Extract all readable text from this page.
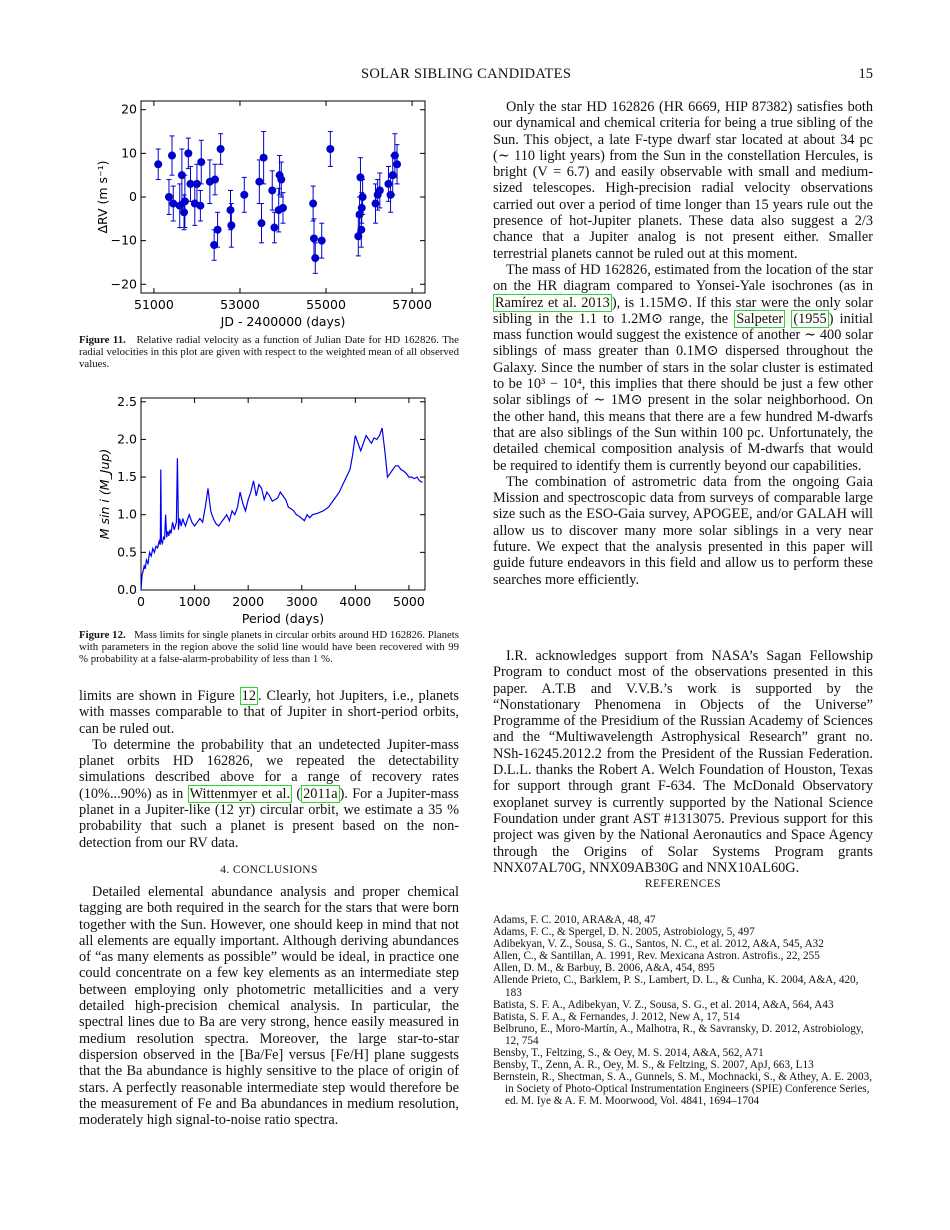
SOLAR SIBLING CANDIDATES	15
51000	53000	55000	57000
−20
−10
0
10
20
JD - 2400000 (days)
ΔRV (m s⁻¹)
Figure 11. Relative radial velocity as a function of Julian Date for HD 162826. The radial velocities in this plot are given with respect to the weighted mean of all observed values.
0	1000 2000 3000 4000 5000
0.0
0.5
1.0
1.5
2.0
2.5
Period (days)
M sin i (M_Jup)
Figure 12. Mass limits for single planets in circular orbits around HD 162826. Planets with parameters in the region above the solid line would have been recovered with 99 % probability at a false-alarm-probability of less than 1 %.

limits are shown in Figure 12 . Clearly, hot Jupiters, i.e., planets with masses comparable to that of Jupiter in short-period orbits, can be ruled out.

To determine the probability that an undetected Jupiter-mass planet orbits HD 162826, we repeated the detectability simulations described above for a range of recovery rates (10%...90%) as in Wittenmyer et al. ( 2011a ). For a Jupiter-mass planet in a Jupiter-like (12 yr) circular orbit, we estimate a 35 % probability that such a planet is present based on the non-detection from our RV data.

4. CONCLUSIONS

Detailed elemental abundance analysis and proper chemical tagging are both required in the search for the stars that were born together with the Sun. However, one should keep in mind that not all elements are equally important. Although deriving abundances of “as many elements as possible” would be ideal, in practice one could concentrate on a few key elements as an intermediate step between employing only photometric metallicities and a very detailed high-precision chemical analysis. In particular, the spectral lines due to Ba are very strong, hence easily measured in medium resolution spectra. Moreover, the large star-to-star dispersion observed in the [Ba/Fe] versus [Fe/H] plane suggests that the Ba abundance is highly sensitive to the place of origin of stars. A perfectly reasonable intermediate step would therefore be the measurement of Fe and Ba abundances in medium resolution, moderately high signal-to-noise ratio spectra.

Only the star HD 162826 (HR 6669, HIP 87382) satisfies both our dynamical and chemical criteria for being a true sibling of the Sun. This object, a late F-type dwarf star located at about 34 pc (∼ 110 light years) from the Sun in the constellation Hercules, is bright (V = 6.7) and easily observable with small and medium-sized telescopes. High-precision radial velocity observations carried out over a period of time longer than 15 years rule out the presence of hot-Jupiter planets. These data also suggest a 2/3 chance that a Jupiter analog is not present either. Smaller terrestrial planets cannot be ruled out at this moment.

The mass of HD 162826, estimated from the location of the star on the HR diagram compared to Yonsei-Yale isochrones (as in Ramírez et al. 2013 ), is 1.15M⊙. If this star were the only solar sibling in the 1.1 to 1.2M⊙ range, the Salpeter (1955 ) initial mass function would suggest the existence of another ∼ 400 solar siblings of mass greater than 0.1M⊙ dispersed throughout the Galaxy. Since the number of stars in the solar cluster is estimated to be 10³ − 10⁴, this implies that there should be just a few other solar siblings of ∼ 1M⊙ present in the solar neighborhood. On the other hand, this means that there are a few hundred M-dwarfs that are also siblings of the Sun within 100 pc. Unfortunately, the detailed chemical composition analysis of M-dwarfs that would be required to identify them is currently beyond our capabilities.

The combination of astrometric data from the ongoing Gaia Mission and spectroscopic data from surveys of comparable large size such as the ESO-Gaia survey, APOGEE, and/or GALAH will allow us to discover many more solar siblings in a very near future. We expect that the analysis presented in this paper will guide future endeavors in this field and allow us to perform these searches more efficiently.

I.R. acknowledges support from NASA’s Sagan Fellowship Program to conduct most of the observations presented in this paper. A.T.B and V.V.B.’s work is supported by the “Nonstationary Phenomena in Objects of the Universe” Programme of the Presidium of the Russian Academy of Sciences and the “Multiwavelength Astrophysical Research” grant no. NSh-16245.2012.2 from the President of the Russian Federation. D.L.L. thanks the Robert A. Welch Foundation of Houston, Texas for support through grant F-634. The McDonald Observatory exoplanet survey is currently supported by the National Science Foundation under grant AST #1313075. Previous support for this project was given by the National Aeronautics and Space Agency through the Origins of Solar Systems Program grants NNX07AL70G, NNX09AB30G and NNX10AL60G.

REFERENCES
Adams, F. C. 2010, ARA&A, 48, 47
Adams, F. C., & Spergel, D. N. 2005, Astrobiology, 5, 497
Adibekyan, V. Z., Sousa, S. G., Santos, N. C., et al. 2012, A&A, 545, A32
Allen, C., & Santillan, A. 1991, Rev. Mexicana Astron. Astrofis., 22, 255
Allen, D. M., & Barbuy, B. 2006, A&A, 454, 895
Allende Prieto, C., Barklem, P. S., Lambert, D. L., & Cunha, K. 2004, A&A, 420, 183
Batista, S. F. A., Adibekyan, V. Z., Sousa, S. G., et al. 2014, A&A, 564, A43
Batista, S. F. A., & Fernandes, J. 2012, New A, 17, 514
Belbruno, E., Moro-Martín, A., Malhotra, R., & Savransky, D. 2012, Astrobiology, 12, 754
Bensby, T., Feltzing, S., & Oey, M. S. 2014, A&A, 562, A71
Bensby, T., Zenn, A. R., Oey, M. S., & Feltzing, S. 2007, ApJ, 663, L13
Bernstein, R., Shectman, S. A., Gunnels, S. M., Mochnacki, S., & Athey, A. E. 2003, in Society of Photo-Optical Instrumentation Engineers (SPIE) Conference Series, ed. M. Iye & A. F. M. Moorwood, Vol. 4841, 1694–1704
